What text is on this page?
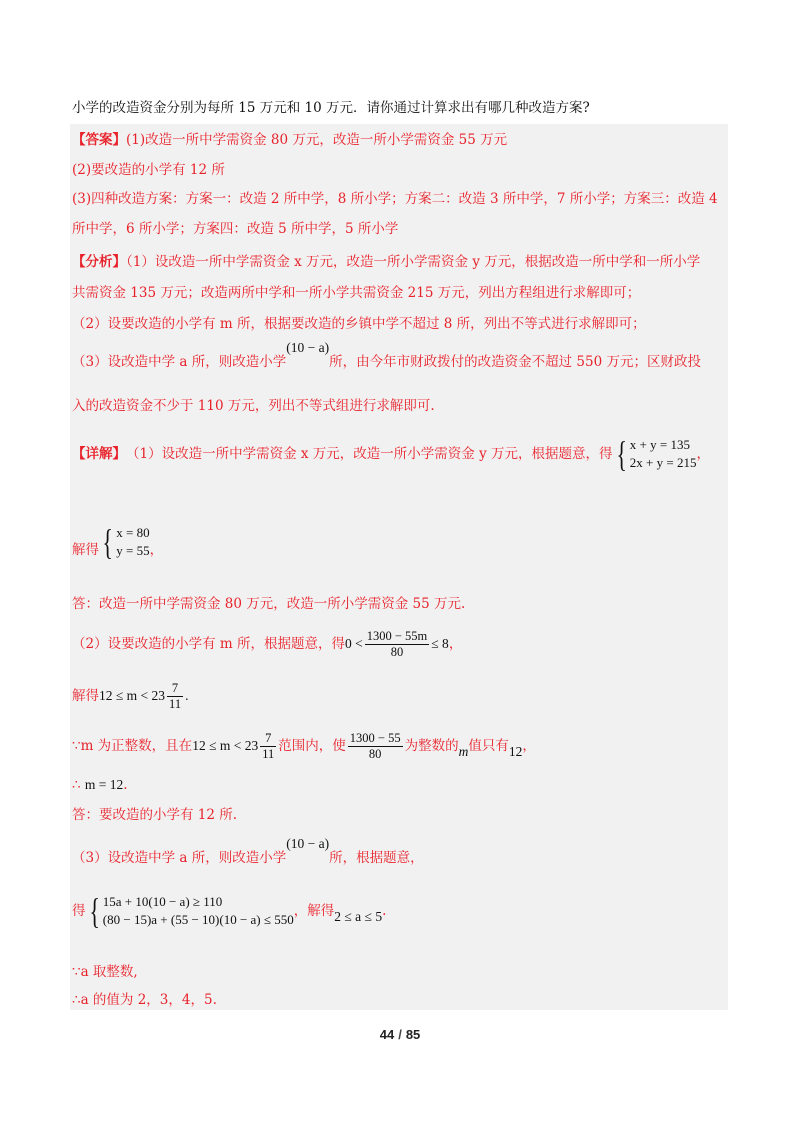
小学的改造资金分别为每所 15 万元和 10 万元．请你通过计算求出有哪几种改造方案?
【答案】(1)改造一所中学需资金 80 万元，改造一所小学需资金 55 万元
(2)要改造的小学有 12 所
(3)四种改造方案：方案一：改造 2 所中学，8 所小学；方案二：改造 3 所中学，7 所小学；方案三：改造 4
所中学，6 所小学；方案四：改造 5 所中学，5 所小学
【分析】（1）设改造一所中学需资金 x 万元，改造一所小学需资金 y 万元，根据改造一所中学和一所小学
共需资金 135 万元；改造两所中学和一所小学共需资金 215 万元，列出方程组进行求解即可；
（2）设要改造的小学有 m 所，根据要改造的乡镇中学不超过 8 所，列出不等式进行求解即可；
（3）设改造中学 a 所，则改造小学(10 − a)所，由今年市财政拨付的改造资金不超过 550 万元；区财政投
入的改造资金不少于 110 万元，列出不等式组进行求解即可.
【详解】 （1）设改造一所中学需资金 x 万元，改造一所小学需资金 y 万元，根据题意，得 { x + y = 135
2x + y = 215
，
解得 { x = 80
y = 55 ，
答：改造一所中学需资金 80 万元，改造一所小学需资金 55 万元.
（2）设要改造的小学有 m 所，根据题意，得 $0 < \frac{1300 - 55m}{80} \le 8$ ，
解得 $12 \le m < 23 \frac{7}{11}$ .
∵m 为正整数，且在 $12 \le m < 23 \frac{7}{11}$ 范围内，使 $\frac{1300 - 55}{80}$ 为整数的 m 值只有 12 ，
∴ m = 12.
答：要改造的小学有 12 所.
（3）设改造中学 a 所，则改造小学(10 − a)所，根据题意，
得 { 15a + 10(10 − a) ≥ 110
(80 − 15)a + (55 − 10)(10 − a) ≤ 550
，解得 2 ≤ a ≤ 5 .
∵a 取整数,
∴a 的值为 2，3，4，5.
44 / 85
